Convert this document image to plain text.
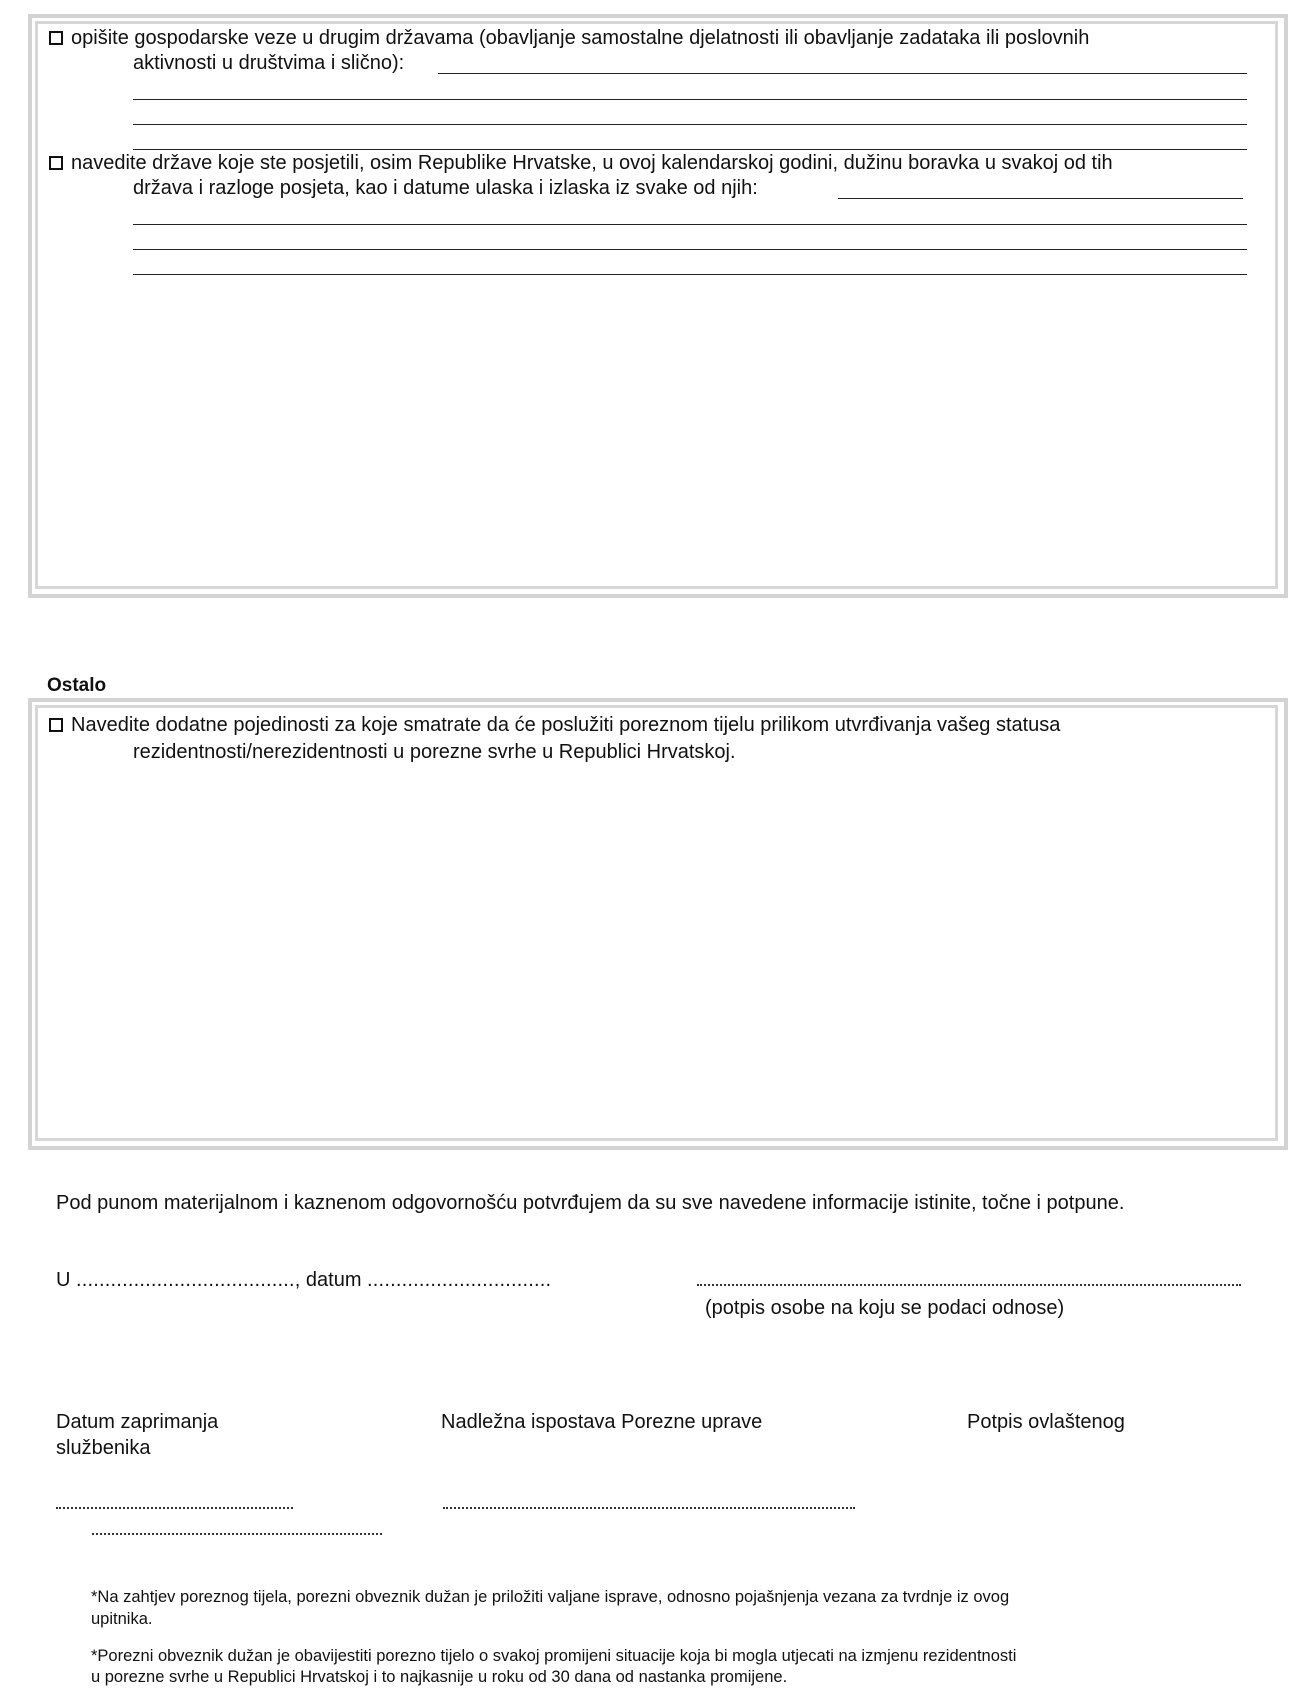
opišite gospodarske veze u drugim državama (obavljanje samostalne djelatnosti ili obavljanje zadataka ili poslovnih
aktivnosti u društvima i slično):
navedite države koje ste posjetili, osim Republike Hrvatske, u ovoj kalendarskoj godini, dužinu boravka u svakoj od tih
država i razloge posjeta, kao i datume ulaska i izlaska iz svake od njih:
Ostalo
Navedite dodatne pojedinosti za koje smatrate da će poslužiti poreznom tijelu prilikom utvrđivanja vašeg statusa
rezidentnosti/nerezidentnosti u porezne svrhe u Republici Hrvatskoj.
Pod punom materijalnom i kaznenom odgovornošću potvrđujem da su sve navedene informacije istinite, točne i potpune.
U ......................................, datum ................................
(potpis osobe na koju se podaci odnose)
Datum zaprimanja
službenika
Nadležna ispostava Porezne uprave	Potpis ovlaštenog
*Na zahtjev poreznog tijela, porezni obveznik dužan je priložiti valjane isprave, odnosno pojašnjenja vezana za tvrdnje iz ovog
upitnika.
*Porezni obveznik dužan je obavijestiti porezno tijelo o svakoj promijeni situacije koja bi mogla utjecati na izmjenu rezidentnosti
u porezne svrhe u Republici Hrvatskoj i to najkasnije u roku od 30 dana od nastanka promijene.
